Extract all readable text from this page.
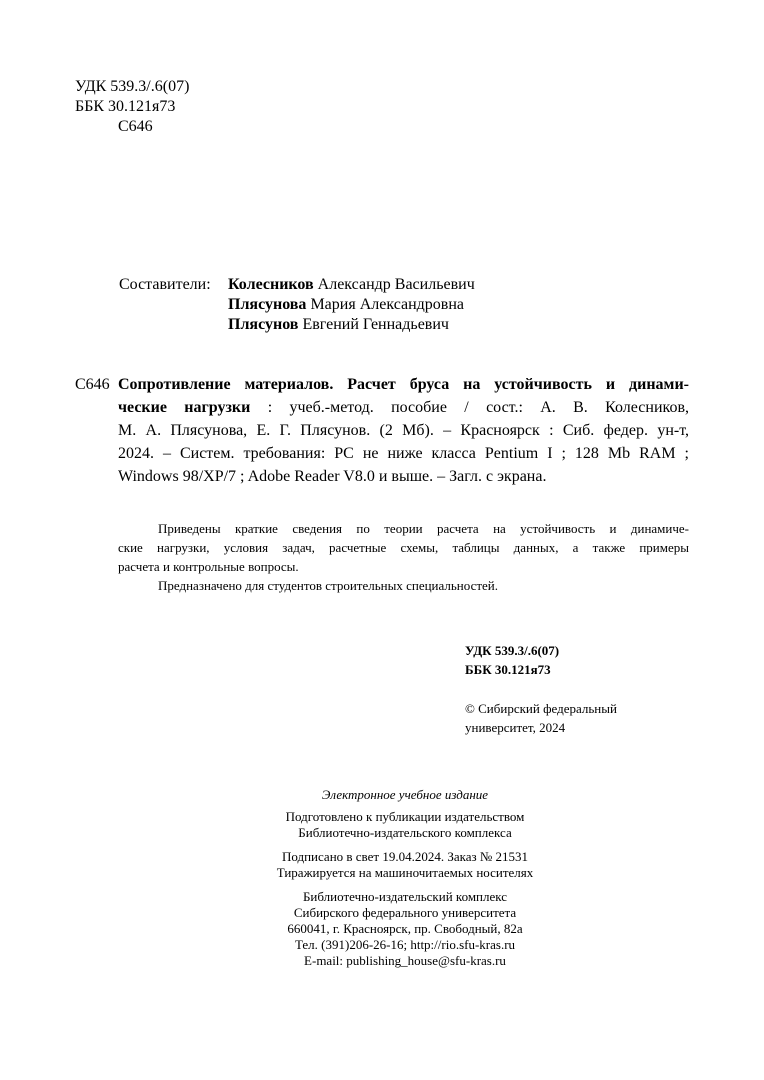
УДК 539.3/.6(07)
ББК 30.121я73
С646
Составители: Колесников Александр Васильевич
Плясунова Мария Александровна
Плясунов Евгений Геннадьевич
С646 Сопротивление материалов. Расчет бруса на устойчивость и динами-
ческие нагрузки : учеб.-метод. пособие / сост.: А. В. Колесников,
М. А. Плясунова, Е. Г. Плясунов. (2 Мб). – Красноярск : Сиб. федер. ун-т,
2024. – Систем. требования: PC не ниже класса Pentium I ; 128 Mb RAM ;
Windows 98/XP/7 ; Adobe Reader V8.0 и выше. – Загл. с экрана.
Приведены краткие сведения по теории расчета на устойчивость и динамиче-
ские нагрузки, условия задач, расчетные схемы, таблицы данных, а также примеры
расчета и контрольные вопросы.
Предназначено для студентов строительных специальностей.
УДК 539.3/.6(07)
ББК 30.121я73
© Сибирский федеральный
университет, 2024
Электронное учебное издание
Подготовлено к публикации издательством
Библиотечно-издательского комплекса
Подписано в свет 19.04.2024. Заказ № 21531
Тиражируется на машиночитаемых носителях
Библиотечно-издательский комплекс
Сибирского федерального университета
660041, г. Красноярск, пр. Свободный, 82а
Тел. (391)206-26-16; http://rio.sfu-kras.ru
E-mail: publishing_house@sfu-kras.ru
